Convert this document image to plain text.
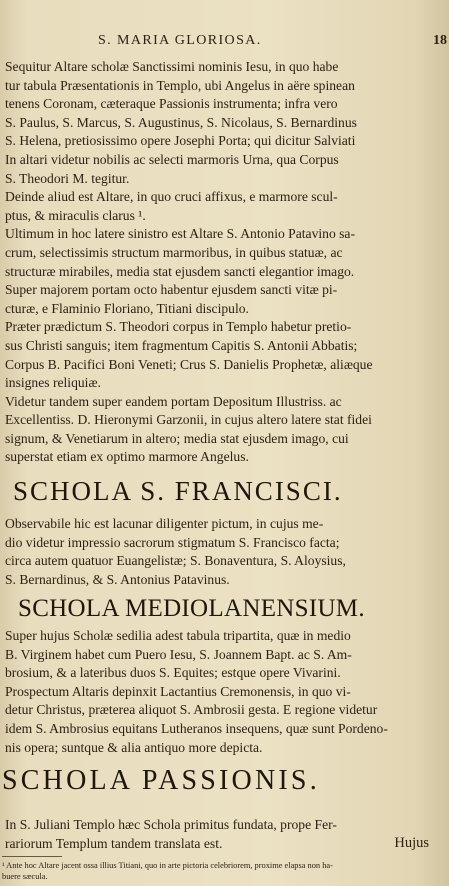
S. MARIA GLORIOSA.	18

Sequitur Altare scholæ Sanctissimi nominis Iesu, in quo habe

tur tabula Præsentationis in Templo, ubi Angelus in aëre spinean

tenens Coronam, cæteraque Passionis instrumenta; infra vero

S. Paulus, S. Marcus, S. Augustinus, S. Nicolaus, S. Bernardinus

S. Helena, pretiosissimo opere Josephi Porta; qui dicitur Salviati

In altari videtur nobilis ac selecti marmoris Urna, qua Corpus

S. Theodori M. tegitur.

Deinde aliud est Altare, in quo cruci affixus, e marmore scul-

ptus, & miraculis clarus ¹.

Ultimum in hoc latere sinistro est Altare S. Antonio Patavino sa-

crum, selectissimis structum marmoribus, in quibus statuæ, ac

structuræ mirabiles, media stat ejusdem sancti elegantior imago.

Super majorem portam octo habentur ejusdem sancti vitæ pi-

cturæ, e Flaminio Floriano, Titiani discipulo.

Præter prædictum S. Theodori corpus in Templo habetur pretio-

sus Christi sanguis; item fragmentum Capitis S. Antonii Abbatis;

Corpus B. Pacifici Boni Veneti; Crus S. Danielis Prophetæ, aliæque

insignes reliquiæ.

Videtur tandem super eandem portam Depositum Illustriss. ac

Excellentiss. D. Hieronymi Garzonii, in cujus altero latere stat fidei

signum, & Venetiarum in altero; media stat ejusdem imago, cui

superstat etiam ex optimo marmore Angelus.

SCHOLA S. FRANCISCI.

Observabile hic est lacunar diligenter pictum, in cujus me-

dio videtur impressio sacrorum stigmatum S. Francisco facta;

circa autem quatuor Euangelistæ; S. Bonaventura, S. Aloysius,

S. Bernardinus, & S. Antonius Patavinus.

SCHOLA MEDIOLANENSIUM.

Super hujus Scholæ sedilia adest tabula tripartita, quæ in medio

B. Virginem habet cum Puero Iesu, S. Joannem Bapt. ac S. Am-

brosium, & a lateribus duos S. Equites; estque opere Vivarini.

Prospectum Altaris depinxit Lactantius Cremonensis, in quo vi-

detur Christus, præterea aliquot S. Ambrosii gesta. E regione videtur

idem S. Ambrosius equitans Lutheranos insequens, quæ sunt Pordeno-

nis opera; suntque & alia antiquo more depicta.

SCHOLA PASSIONIS.

In S. Juliani Templo hæc Schola primitus fundata, prope Fer-

rariorum Templum tandem translata est.	Hujus

¹ Ante hoc Altare jacent ossa illius Titiani, quo in arte pictoria celebriorem, proxime elapsa non ha-

buere sæcula.
